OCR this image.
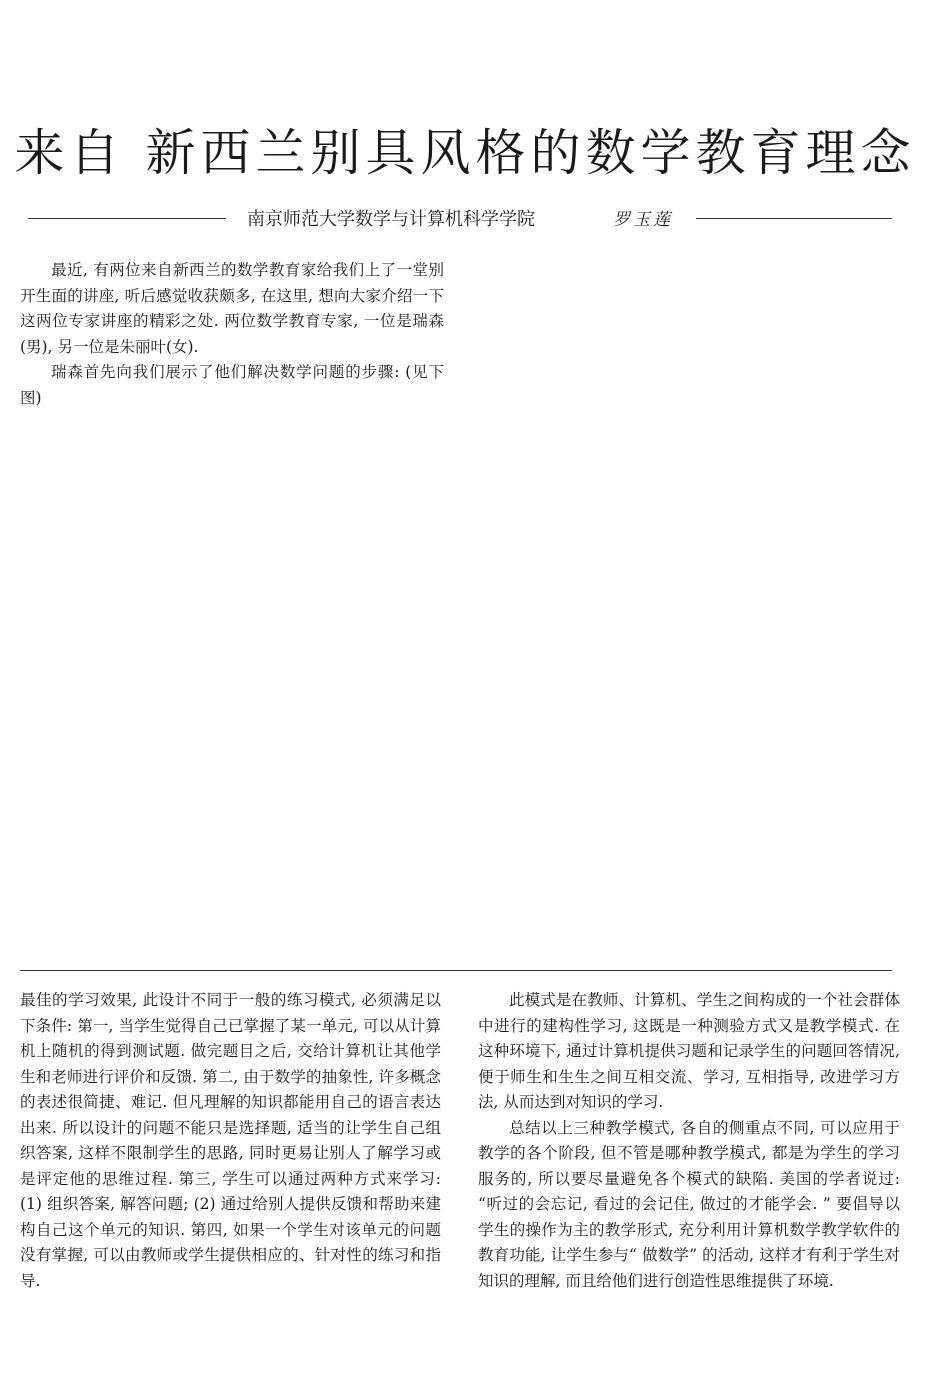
来自 新西兰别具风格的数学教育理念
南京师范大学数学与计算机科学学院	罗玉莲

最近, 有两位来自新西兰的数学教育家给我们上了一堂别开生面的讲座, 听后感觉收获颇多, 在这里, 想向大家介绍一下这两位专家讲座的精彩之处. 两位数学教育专家, 一位是瑞森(男), 另一位是朱丽叶(女).

瑞森首先向我们展示了他们解决数学问题的步骤: (见下图)

最佳的学习效果, 此设计不同于一般的练习模式, 必须满足以下条件: 第一, 当学生觉得自己已掌握了某一单元, 可以从计算机上随机的得到测试题. 做完题目之后, 交给计算机让其他学生和老师进行评价和反馈. 第二, 由于数学的抽象性, 许多概念的表述很简捷、难记. 但凡理解的知识都能用自己的语言表达出来. 所以设计的问题不能只是选择题, 适当的让学生自己组织答案, 这样不限制学生的思路, 同时更易让别人了解学习或是评定他的思维过程. 第三, 学生可以通过两种方式来学习: (1) 组织答案, 解答问题; (2) 通过给别人提供反馈和帮助来建构自己这个单元的知识. 第四, 如果一个学生对该单元的问题没有掌握, 可以由教师或学生提供相应的、针对性的练习和指导.

此模式是在教师、计算机、学生之间构成的一个社会群体中进行的建构性学习, 这既是一种测验方式又是教学模式. 在这种环境下, 通过计算机提供习题和记录学生的问题回答情况, 便于师生和生生之间互相交流、学习, 互相指导, 改进学习方法, 从而达到对知识的学习.

总结以上三种教学模式, 各自的侧重点不同, 可以应用于教学的各个阶段, 但不管是哪种教学模式, 都是为学生的学习服务的, 所以要尽量避免各个模式的缺陷. 美国的学者说过: “听过的会忘记, 看过的会记住, 做过的才能学会. ” 要倡导以学生的操作为主的教学形式, 充分利用计算机数学教学软件的教育功能, 让学生参与“ 做数学” 的活动, 这样才有利于学生对知识的理解, 而且给他们进行创造性思维提供了环境.
